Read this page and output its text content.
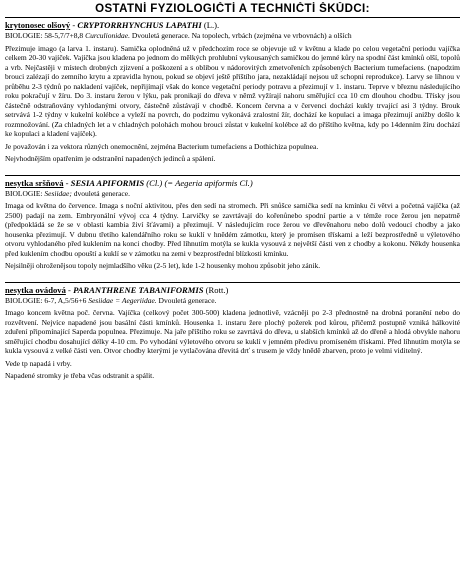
OSTATNÍ FYZIOLOGIČTÍ A TECHNIČTÍ ŠKŮDCI:
krytonosec olšový - CRYPTORRHYNCHUS LAPATHI (L.).

BIOLOGIE: 58-5,7/7+8,8 Curculionidae. Dvouletá generace. Na topolech, vrbách (zejména ve vrbovnách) a olších

Přezimuje imago (a larva 1. instaru). Samička oplodněná už v předchozím roce se objevuje už v květnu a klade po celou vegetační periodu vajíčka celkem 20-30 vajíček. Vajíčka jsou kladena po jednom do mělkých prohlubní vykousaných samičkou do jemné kůry na spodní část kmínků olší, topolů a vrb. Nejčastěji v místech drobných zjizvení a poškození a s oblibou v nádorovitých zmetvořeních způsobených Bacterium tumefaciens. (napodzim brouci zalézají do zemního krytu a zpravidla hynou, pokud se objeví ještě příštího jara, nezakládají nejsou už schopni reprodukce). Larvy se líhnou v průběhu 2-3 týdnů po nakladení vajíček, nepřijímají však do konce vegetační periody potravu a přezimují v 1. instaru. Teprve v březnu následujícího roku pokračují v žíru. Do 3. instaru žerou v lýku, pak pronikají do dřeva v němž vyžírají nahoru směřující cca 10 cm dlouhou chodbu. Třísky jsou částečně odstraňovány vyhlodanými otvory, částečně zůstávají v chodbě. Koncem června a v červenci dochází kukly trvající asi 3 týdny. Brouk setrvává 1-2 týdny v kukelní kolébce a vyleží na povrch, do podzimu vykonává zralostní žír, dochází ke kopulaci a imaga přezimují anižby došlo k rozmnožování. (Za chladných let a v chladných polohách mohou brouci zůstat v kukelní kolébce až do příštího května, kdy po 14denním žíru dochází ke kopulaci a kladení vajíček).

Je považován i za vektora různých onemocnění, zejména Bacterium tumefaciens a Dothichiza populnea.

Nejvhodnějším opatřením je odstranění napadených jedinců a spálení.

nesytka sršňová - SESIA APIFORMIS (Cl.) (= Aegeria apiformis Cl.)

BIOLOGIE: Sesiidae; dvouletá generace.

Imaga od května do července. Imaga s noční aktivitou, přes den sedí na stromech. Při snůšce samička sedí na kmínku či větvi a početná vajíčka (až 2500) padají na zem. Embryonální vývoj cca 4 týdny. Larvičky se zavrtávají do kořenůnebo spodní partie a v témže roce žerou jen nepatrně (předpokládá se že se v oblasti kambia živí šťávami) a přezimují. V následujícím roce žerou ve dřevěnahoru nebo dolů vedoucí chodby a jako housenka přezimují. V dubnu třetího kalendářního roku se kuklí v hnědém zámotku, který je promísen třískami a leží bezprostředně u výletového otvoru vyhlodaného před kuklením na konci chodby. Před líhnutím motýla se kukla vysouvá z největší části ven z chodby a kokonu. Někdy housenka před kuklením chodbu opouští a kuklí se v zámotku na zemi v bezprostřední blízkosti kmínku.

Nejsilněji ohroženějsou topoly nejmladšího věku (2-5 let), kde 1-2 housenky mohou způsobit jeho zánik.

nesytka ovádová - PARANTHRENE TABANIFORMIS (Rott.)

BIOLOGIE: 6-7, A,5/56+6 Sesiidae = Aegeriidae. Dvouletá generace.

Imago koncem května poč. června. Vajíčka (celkový počet 300-500) kladena jednotlivě, vzácněji po 2-3 přednostně na drobná poranění nebo do rozvětvení. Nejvíce napadené jsou basální části kmínků. Housenka 1. instaru žere plochý požerek pod kůrou, přičemž postupně vzniká hálkovité zduření připomínající Saperda populnea. Přezimuje. Na jaře příštího roku se zavrtává do dřeva, u slabších kmínků až do dřeně a hlodá obvykle nahoru směřující chodbu dosahující délky 4-10 cm. Po vyhodání výletového otvoru se kuklí v jemném předivu promíseném třískami. Před líhnutím motýla se kukla vysouvá z velké části ven. Otvor chodby kterými je vytlačována dřevitá drť s trusem je vždy hnědě zbarven, proto je velmi viditelný.

Vede tp napadá i vrby.

Napadené stromky je třeba včas odstranit a spálit.
